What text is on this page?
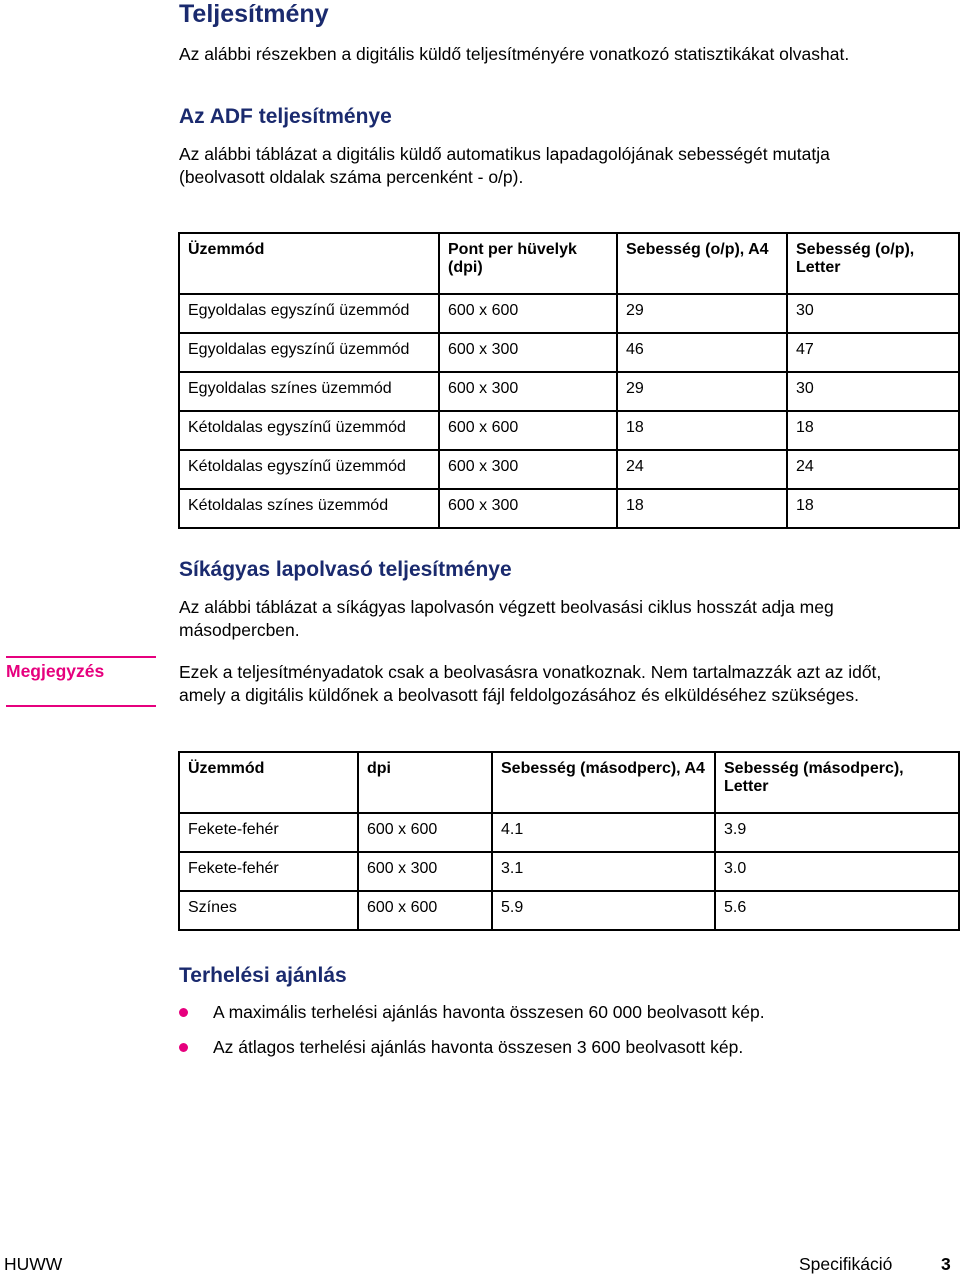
Teljesítmény
Az alábbi részekben a digitális küldő teljesítményére vonatkozó statisztikákat olvashat.
Az ADF teljesítménye
Az alábbi táblázat a digitális küldő automatikus lapadagolójának sebességét mutatja
(beolvasott oldalak száma percenként - o/p).
Üzemmód	Pont per hüvelyk (dpi)	Sebesség (o/p), A4	Sebesség (o/p), Letter
Egyoldalas egyszínű üzemmód	600 x 600	29	30
Egyoldalas egyszínű üzemmód	600 x 300	46	47
Egyoldalas színes üzemmód	600 x 300	29	30
Kétoldalas egyszínű üzemmód	600 x 600	18	18
Kétoldalas egyszínű üzemmód	600 x 300	24	24
Kétoldalas színes üzemmód	600 x 300	18	18
Síkágyas lapolvasó teljesítménye
Az alábbi táblázat a síkágyas lapolvasón végzett beolvasási ciklus hosszát adja meg
másodpercben.
Megjegyzés	Ezek a teljesítményadatok csak a beolvasásra vonatkoznak. Nem tartalmazzák azt az időt,
amely a digitális küldőnek a beolvasott fájl feldolgozásához és elküldéséhez szükséges.
Üzemmód	dpi	Sebesség (másodperc), A4	Sebesség (másodperc), Letter
Fekete-fehér	600 x 600	4.1	3.9
Fekete-fehér	600 x 300	3.1	3.0
Színes	600 x 600	5.9	5.6
Terhelési ajánlás
A maximális terhelési ajánlás havonta összesen 60 000 beolvasott kép.
Az átlagos terhelési ajánlás havonta összesen 3 600 beolvasott kép.
HUWW	Specifikáció	3
